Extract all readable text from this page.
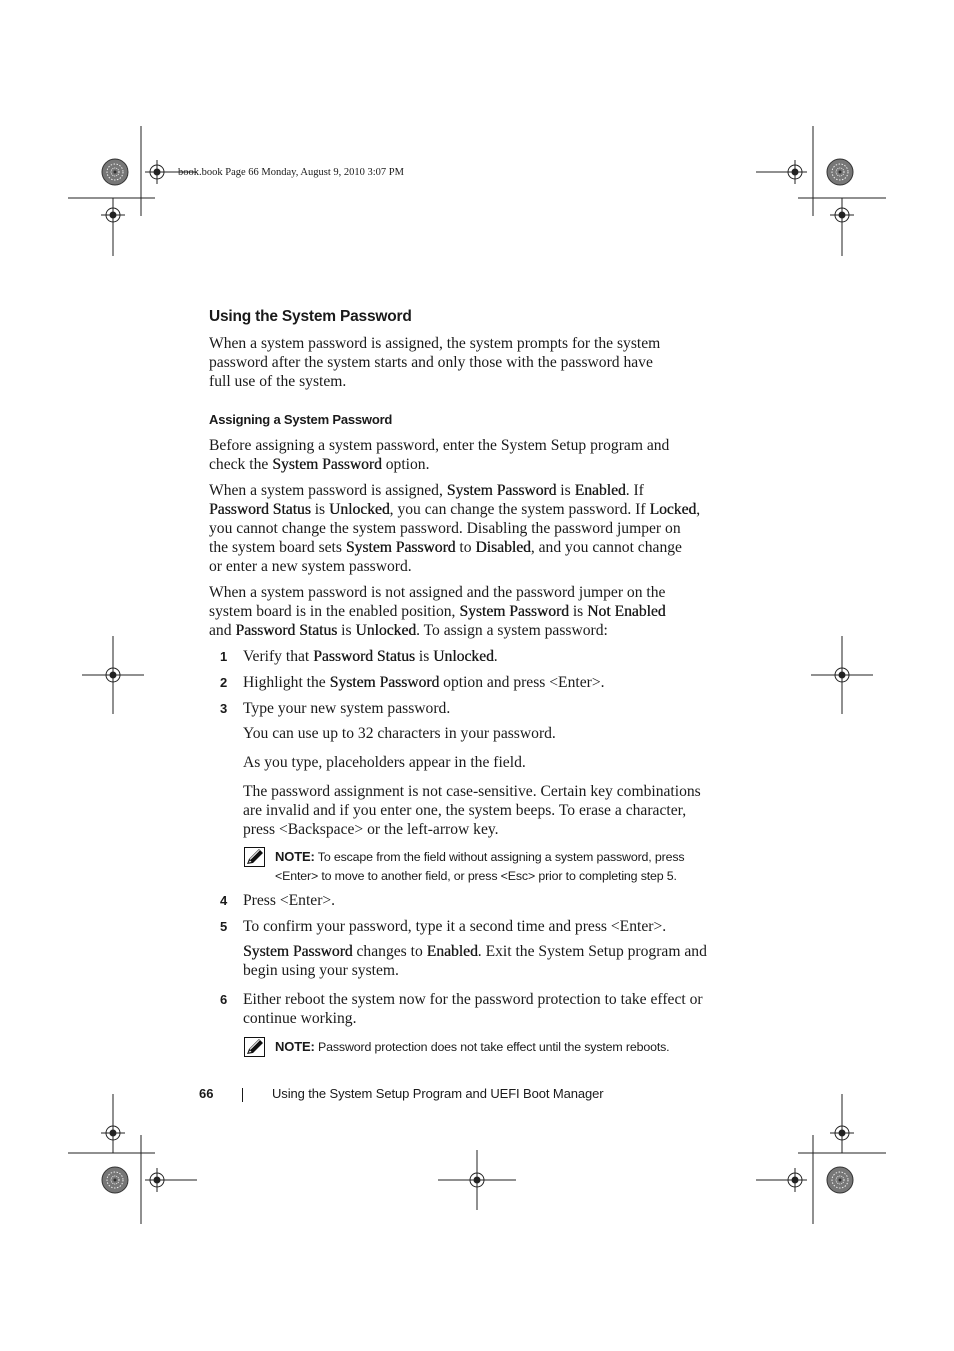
book.book Page 66 Monday, August 9, 2010 3:07 PM
Using the System Password
When a system password is assigned, the system prompts for the system
password after the system starts and only those with the password have
full use of the system.
Assigning a System Password
Before assigning a system password, enter the System Setup program and
check the System Password option.
When a system password is assigned, System Password is Enabled. If
Password Status is Unlocked, you can change the system password. If Locked,
you cannot change the system password. Disabling the password jumper on
the system board sets System Password to Disabled, and you cannot change
or enter a new system password.
When a system password is not assigned and the password jumper on the
system board is in the enabled position, System Password is Not Enabled
and Password Status is Unlocked. To assign a system password:
1 Verify that Password Status is Unlocked.
2 Highlight the System Password option and press <Enter>.
3 Type your new system password.
You can use up to 32 characters in your password.
As you type, placeholders appear in the field.
The password assignment is not case-sensitive. Certain key combinations
are invalid and if you enter one, the system beeps. To erase a character,
press <Backspace> or the left-arrow key.
NOTE: To escape from the field without assigning a system password, press
<Enter> to move to another field, or press <Esc> prior to completing step 5.
4 Press <Enter>.
5 To confirm your password, type it a second time and press <Enter>.
System Password changes to Enabled. Exit the System Setup program and
begin using your system.
6 Either reboot the system now for the password protection to take effect or
continue working.
NOTE: Password protection does not take effect until the system reboots.
66	Using the System Setup Program and UEFI Boot Manager
